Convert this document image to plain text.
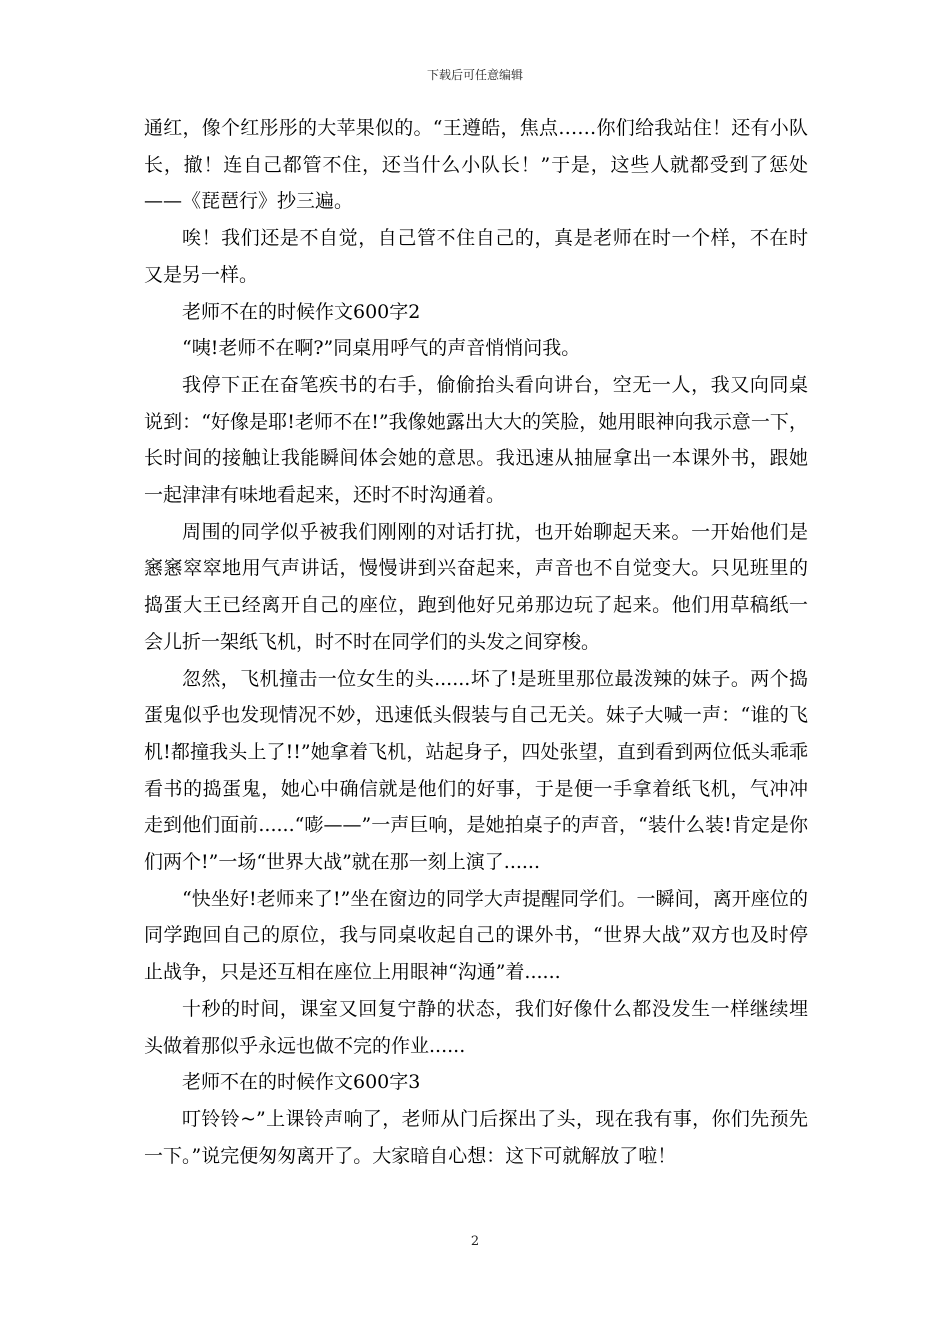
下载后可任意编辑

通红，像个红彤彤的大苹果似的。“王遵皓，焦点……你们给我站住！还有小队长，撤！连自己都管不住，还当什么小队长！”于是，这些人就都受到了惩处——《琵琶行》抄三遍。

唉！我们还是不自觉，自己管不住自己的，真是老师在时一个样，不在时又是另一样。

老师不在的时候作文600字2

“咦!老师不在啊?”同桌用呼气的声音悄悄问我。

我停下正在奋笔疾书的右手，偷偷抬头看向讲台，空无一人，我又向同桌说到：“好像是耶!老师不在!”我像她露出大大的笑脸，她用眼神向我示意一下，长时间的接触让我能瞬间体会她的意思。我迅速从抽屉拿出一本课外书，跟她一起津津有味地看起来，还时不时沟通着。

周围的同学似乎被我们刚刚的对话打扰，也开始聊起天来。一开始他们是窸窸窣窣地用气声讲话，慢慢讲到兴奋起来，声音也不自觉变大。只见班里的捣蛋大王已经离开自己的座位，跑到他好兄弟那边玩了起来。他们用草稿纸一会儿折一架纸飞机，时不时在同学们的头发之间穿梭。

忽然，飞机撞击一位女生的头......坏了!是班里那位最泼辣的妹子。两个捣蛋鬼似乎也发现情况不妙，迅速低头假装与自己无关。妹子大喊一声：“谁的飞机!都撞我头上了!!”她拿着飞机，站起身子，四处张望，直到看到两位低头乖乖看书的捣蛋鬼，她心中确信就是他们的好事，于是便一手拿着纸飞机，气冲冲走到他们面前......“嘭——”一声巨响，是她拍桌子的声音，“装什么装!肯定是你们两个!”一场“世界大战”就在那一刻上演了......

“快坐好!老师来了!”坐在窗边的同学大声提醒同学们。一瞬间，离开座位的同学跑回自己的原位，我与同桌收起自己的课外书，“世界大战”双方也及时停止战争，只是还互相在座位上用眼神“沟通”着......

十秒的时间，课室又回复宁静的状态，我们好像什么都没发生一样继续埋头做着那似乎永远也做不完的作业......

老师不在的时候作文600字3

叮铃铃~”上课铃声响了，老师从门后探出了头，现在我有事，你们先预先一下。”说完便匆匆离开了。大家暗自心想：这下可就解放了啦！

2
